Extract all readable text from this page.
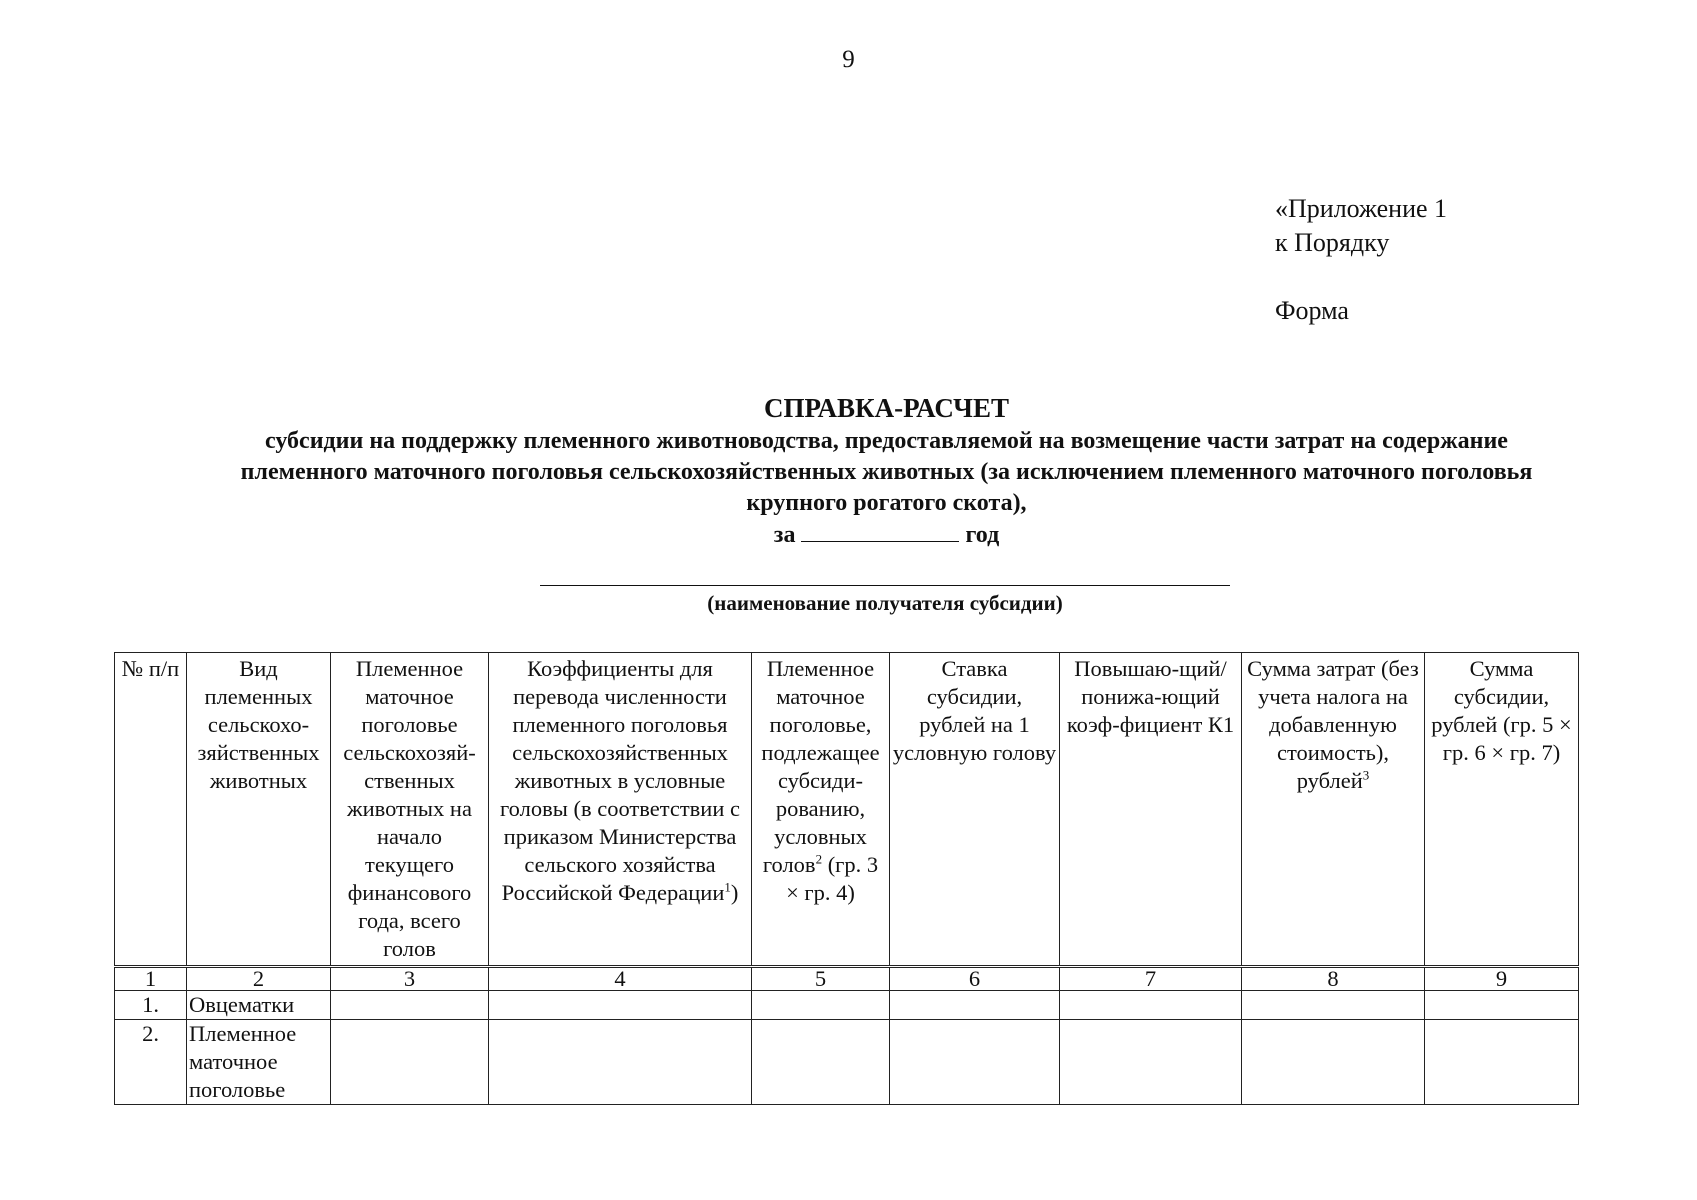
9
«Приложение 1
к Порядку
Форма
СПРАВКА-РАСЧЕТ
субсидии на поддержку племенного животноводства, предоставляемой на возмещение части затрат на содержание племенного маточного поголовья сельскохозяйственных животных (за исключением племенного маточного поголовья крупного рогатого скота),
за	год
(наименование получателя субсидии)
№ п/п	Вид племенных сельскохо-зяйственных животных	Племенное маточное поголовье сельскохозяй-ственных животных на начало текущего финансового года, всего голов	Коэффициенты для перевода численности племенного поголовья сельскохозяйственных животных в условные головы (в соответствии с приказом Министерства сельского хозяйства Российской Федерации$^1$)	Племенное маточное поголовье, подлежащее субсиди-рованию, условных голов$^2$ (гр. 3 × гр. 4)	Ставка субсидии, рублей на 1 условную голову	Повышаю-щий/понижа-ющий коэф-фициент К1	Сумма затрат (без учета налога на добавленную стоимость), рублей$^3$	Сумма субсидии, рублей (гр. 5 × гр. 6 × гр. 7)
1	2	3	4	5	6	7	8	9
1.	Овцематки							
2.	Племенное маточное поголовье							
